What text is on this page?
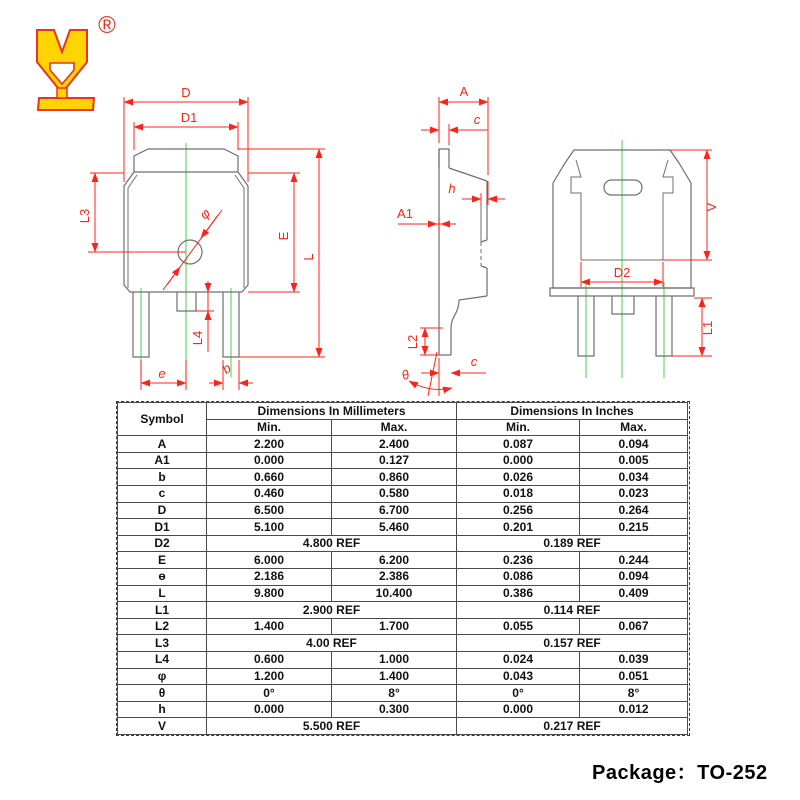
®
D
D1
L3
E
L
φ
L4
e	b
A
c
h
A1
L2
c
θ
D2
V
L1
Symbol	Dimensions In Millimeters		Dimensions In Inches	
	Min.	Max.	Min.	Max.
A	2.200	2.400	0.087	0.094
A1	0.000	0.127	0.000	0.005
b	0.660	0.860	0.026	0.034
c	0.460	0.580	0.018	0.023
D	6.500	6.700	0.256	0.264
D1	5.100	5.460	0.201	0.215
D2	4.800 REF		0.189 REF	
E	6.000	6.200	0.236	0.244
ɵ	2.186	2.386	0.086	0.094
L	9.800	10.400	0.386	0.409
L1	2.900 REF		0.114 REF	
L2	1.400	1.700	0.055	0.067
L3	4.00 REF		0.157 REF	
L4	0.600	1.000	0.024	0.039
φ	1.200	1.400	0.043	0.051
θ	0°	8°	0°	8°
h	0.000	0.300	0.000	0.012
V	5.500 REF		0.217 REF	
Package：TO-252
